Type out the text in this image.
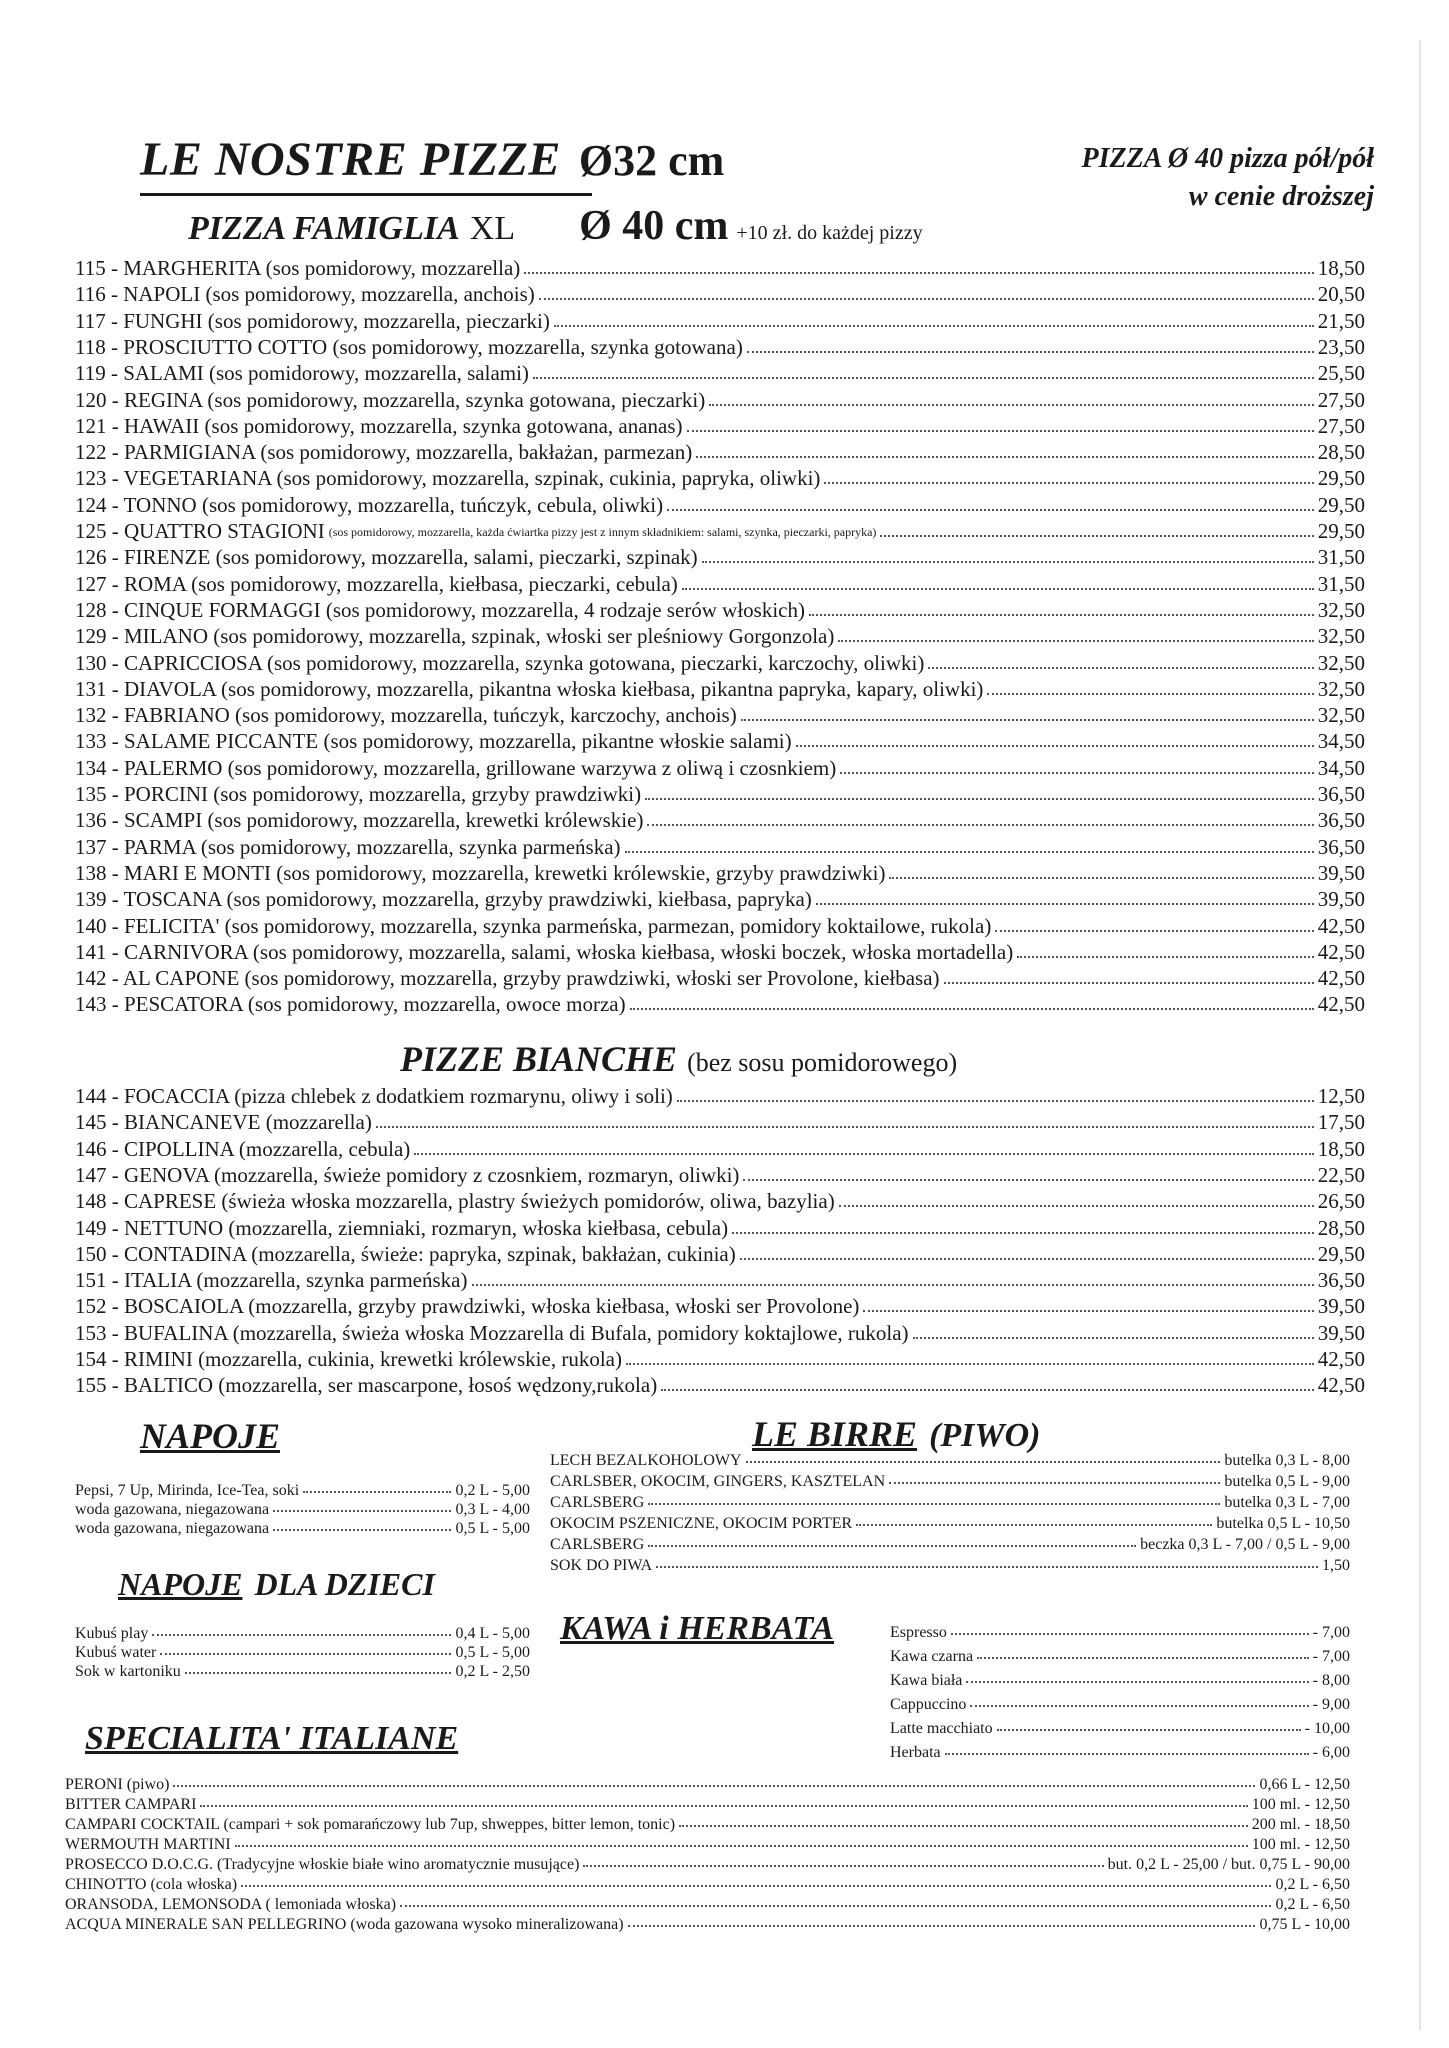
LE NOSTRE PIZZE Ø32 cm
PIZZA FAMIGLIA XL Ø 40 cm +10 zł. do każdej pizzy
PIZZA Ø 40 pizza pół/pół
w cenie droższej
115 - MARGHERITA (sos pomidorowy, mozzarella)	18,50
116 - NAPOLI (sos pomidorowy, mozzarella, anchois)	20,50
117 - FUNGHI (sos pomidorowy, mozzarella, pieczarki)	21,50
118 - PROSCIUTTO COTTO (sos pomidorowy, mozzarella, szynka gotowana)	23,50
119 - SALAMI (sos pomidorowy, mozzarella, salami)	25,50
120 - REGINA (sos pomidorowy, mozzarella, szynka gotowana, pieczarki)	27,50
121 - HAWAII (sos pomidorowy, mozzarella, szynka gotowana, ananas)	27,50
122 - PARMIGIANA (sos pomidorowy, mozzarella, bakłażan, parmezan)	28,50
123 - VEGETARIANA (sos pomidorowy, mozzarella, szpinak, cukinia, papryka, oliwki)	29,50
124 - TONNO (sos pomidorowy, mozzarella, tuńczyk, cebula, oliwki)	29,50
125 - QUATTRO STAGIONI (sos pomidorowy, mozzarella, każda ćwiartka pizzy jest z innym składnikiem: salami, szynka, pieczarki, papryka)	29,50
126 - FIRENZE (sos pomidorowy, mozzarella, salami, pieczarki, szpinak)	31,50
127 - ROMA (sos pomidorowy, mozzarella, kiełbasa, pieczarki, cebula)	31,50
128 - CINQUE FORMAGGI (sos pomidorowy, mozzarella, 4 rodzaje serów włoskich)	32,50
129 - MILANO (sos pomidorowy, mozzarella, szpinak, włoski ser pleśniowy Gorgonzola)	32,50
130 - CAPRICCIOSA (sos pomidorowy, mozzarella, szynka gotowana, pieczarki, karczochy, oliwki)	32,50
131 - DIAVOLA (sos pomidorowy, mozzarella, pikantna włoska kiełbasa, pikantna papryka, kapary, oliwki)	32,50
132 - FABRIANO (sos pomidorowy, mozzarella, tuńczyk, karczochy, anchois)	32,50
133 - SALAME PICCANTE (sos pomidorowy, mozzarella, pikantne włoskie salami)	34,50
134 - PALERMO (sos pomidorowy, mozzarella, grillowane warzywa z oliwą i czosnkiem)	34,50
135 - PORCINI (sos pomidorowy, mozzarella, grzyby prawdziwki)	36,50
136 - SCAMPI (sos pomidorowy, mozzarella, krewetki królewskie)	36,50
137 - PARMA (sos pomidorowy, mozzarella, szynka parmeńska)	36,50
138 - MARI E MONTI (sos pomidorowy, mozzarella, krewetki królewskie, grzyby prawdziwki)	39,50
139 - TOSCANA (sos pomidorowy, mozzarella, grzyby prawdziwki, kiełbasa, papryka)	39,50
140 - FELICITA' (sos pomidorowy, mozzarella, szynka parmeńska, parmezan, pomidory koktailowe, rukola)	42,50
141 - CARNIVORA (sos pomidorowy, mozzarella, salami, włoska kiełbasa, włoski boczek, włoska mortadella)	42,50
142 - AL CAPONE (sos pomidorowy, mozzarella, grzyby prawdziwki, włoski ser Provolone, kiełbasa)	42,50
143 - PESCATORA (sos pomidorowy, mozzarella, owoce morza)	42,50
PIZZE BIANCHE (bez sosu pomidorowego)
144 - FOCACCIA (pizza chlebek z dodatkiem rozmarynu, oliwy i soli)	12,50
145 - BIANCANEVE (mozzarella)	17,50
146 - CIPOLLINA (mozzarella, cebula)	18,50
147 - GENOVA (mozzarella, świeże pomidory z czosnkiem, rozmaryn, oliwki)	22,50
148 - CAPRESE (świeża włoska mozzarella, plastry świeżych pomidorów, oliwa, bazylia)	26,50
149 - NETTUNO (mozzarella, ziemniaki, rozmaryn, włoska kiełbasa, cebula)	28,50
150 - CONTADINA (mozzarella, świeże: papryka, szpinak, bakłażan, cukinia)	29,50
151 - ITALIA (mozzarella, szynka parmeńska)	36,50
152 - BOSCAIOLA (mozzarella, grzyby prawdziwki, włoska kiełbasa, włoski ser Provolone)	39,50
153 - BUFALINA (mozzarella, świeża włoska Mozzarella di Bufala, pomidory koktajlowe, rukola)	39,50
154 - RIMINI (mozzarella, cukinia, krewetki królewskie, rukola)	42,50
155 - BALTICO (mozzarella, ser mascarpone, łosoś wędzony,rukola)	42,50
NAPOJE
Pepsi, 7 Up, Mirinda, Ice-Tea, soki	0,2 L - 5,00
woda gazowana, niegazowana	0,3 L - 4,00
woda gazowana, niegazowana	0,5 L - 5,00
NAPOJE DLA DZIECI
Kubuś play	0,4 L - 5,00
Kubuś water	0,5 L - 5,00
Sok w kartoniku	0,2 L - 2,50
LE BIRRE (PIWO)
LECH BEZALKOHOLOWY	butelka 0,3 L - 8,00
CARLSBER, OKOCIM, GINGERS, KASZTELAN	butelka 0,5 L - 9,00
CARLSBERG	butelka 0,3 L - 7,00
OKOCIM PSZENICZNE, OKOCIM PORTER	butelka 0,5 L - 10,50
CARLSBERG	beczka 0,3 L - 7,00 / 0,5 L - 9,00
SOK DO PIWA	1,50
KAWA i HERBATA	Espresso	- 7,00
Kawa czarna	- 7,00
Kawa biała	- 8,00
Cappuccino	- 9,00
Latte macchiato	- 10,00
Herbata	- 6,00
SPECIALITA' ITALIANE
PERONI (piwo)	0,66 L - 12,50
BITTER CAMPARI	100 ml. - 12,50
CAMPARI COCKTAIL (campari + sok pomarańczowy lub 7up, shweppes, bitter lemon, tonic)	200 ml. - 18,50
WERMOUTH MARTINI	100 ml. - 12,50
PROSECCO D.O.C.G. (Tradycyjne włoskie białe wino aromatycznie musujące)	but. 0,2 L - 25,00 / but. 0,75 L - 90,00
CHINOTTO (cola włoska)	0,2 L - 6,50
ORANSODA, LEMONSODA ( lemoniada włoska)	0,2 L - 6,50
ACQUA MINERALE SAN PELLEGRINO (woda gazowana wysoko mineralizowana)	0,75 L - 10,00
